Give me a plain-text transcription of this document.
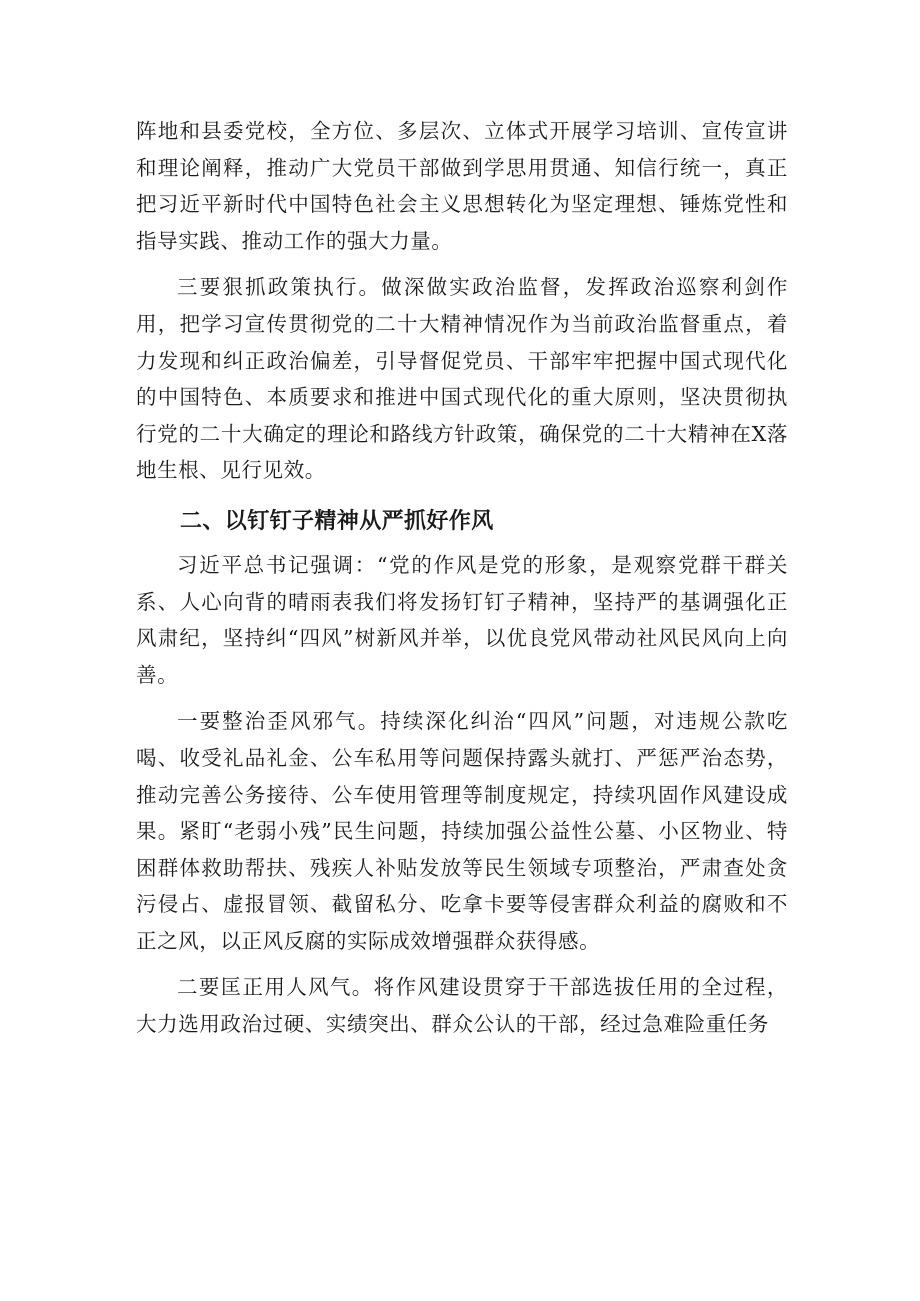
阵地和县委党校，全方位、多层次、立体式开展学习培训、宣传宣讲和理论阐释，推动广大党员干部做到学思用贯通、知信行统一，真正把习近平新时代中国特色社会主义思想转化为坚定理想、锤炼党性和指导实践、推动工作的强大力量。

三要狠抓政策执行。做深做实政治监督，发挥政治巡察利剑作用，把学习宣传贯彻党的二十大精神情况作为当前政治监督重点，着力发现和纠正政治偏差，引导督促党员、干部牢牢把握中国式现代化的中国特色、本质要求和推进中国式现代化的重大原则，坚决贯彻执行党的二十大确定的理论和路线方针政策，确保党的二十大精神在X落地生根、见行见效。

二、以钉钉子精神从严抓好作风

习近平总书记强调：“党的作风是党的形象，是观察党群干群关系、人心向背的晴雨表我们将发扬钉钉子精神，坚持严的基调强化正风肃纪，坚持纠“四风”树新风并举，以优良党风带动社风民风向上向善。

一要整治歪风邪气。持续深化纠治“四风”问题，对违规公款吃喝、收受礼品礼金、公车私用等问题保持露头就打、严惩严治态势，推动完善公务接待、公车使用管理等制度规定，持续巩固作风建设成果。紧盯“老弱小残”民生问题，持续加强公益性公墓、小区物业、特困群体救助帮扶、残疾人补贴发放等民生领域专项整治，严肃查处贪污侵占、虚报冒领、截留私分、吃拿卡要等侵害群众利益的腐败和不正之风，以正风反腐的实际成效增强群众获得感。

二要匡正用人风气。将作风建设贯穿于干部选拔任用的全过程，大力选用政治过硬、实绩突出、群众公认的干部，经过急难险重任务
